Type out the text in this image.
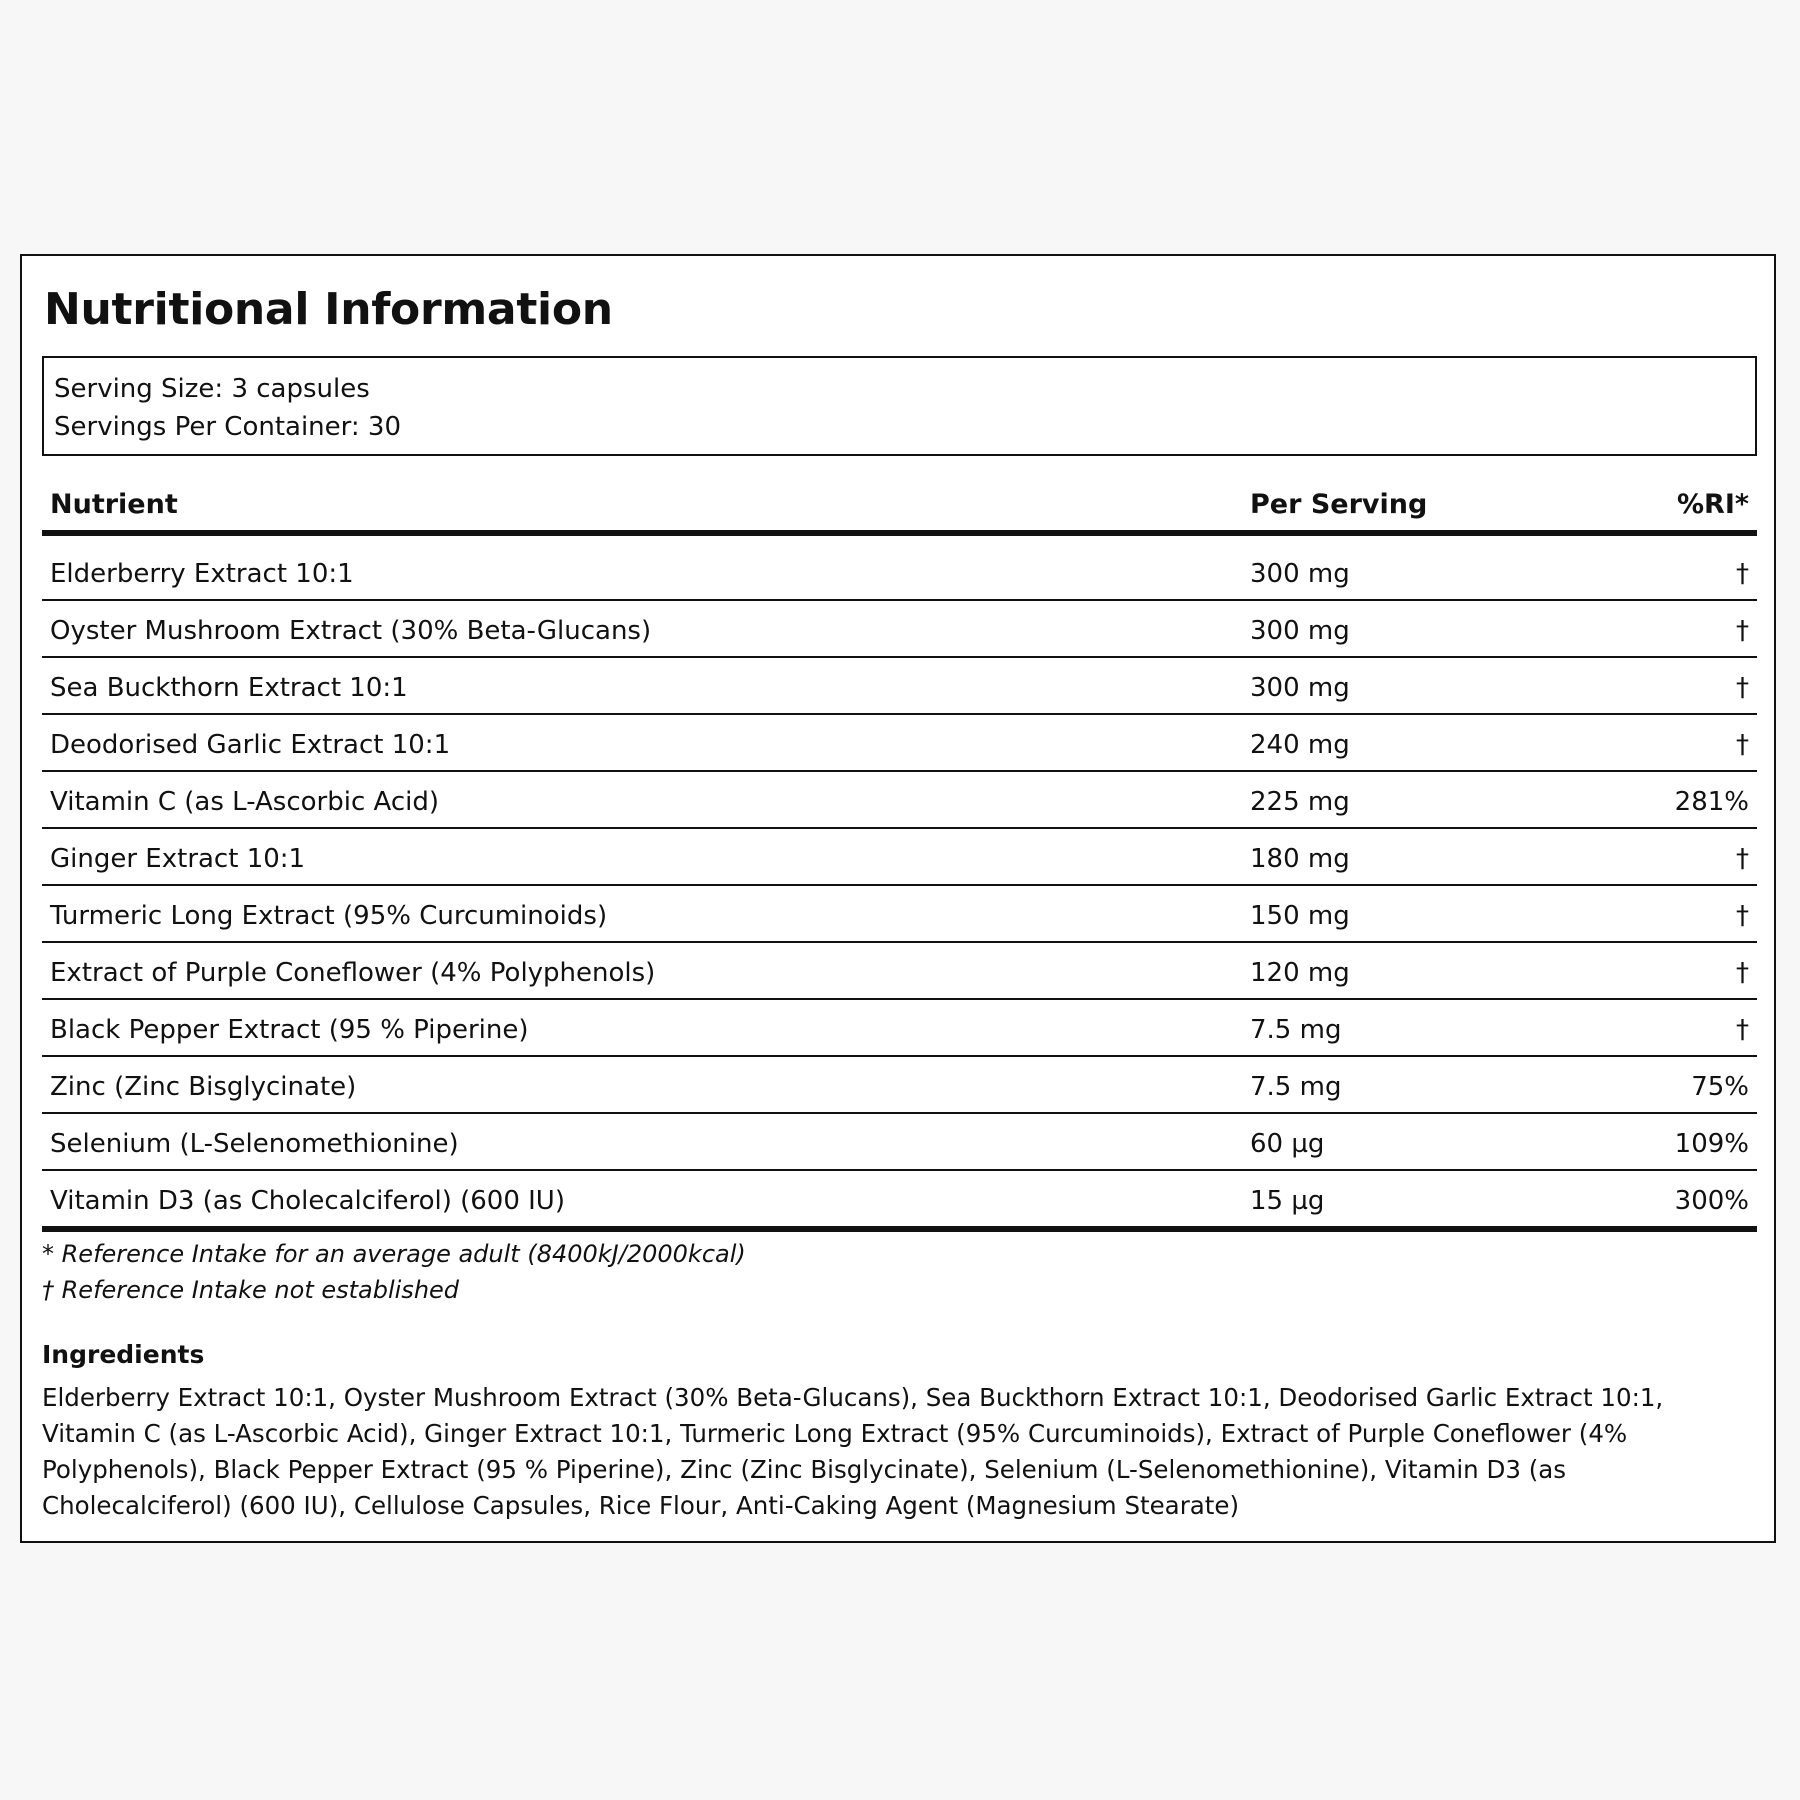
Nutritional Information
Serving Size: 3 capsules
Servings Per Container: 30
Nutrient	Per Serving	%RI*
Elderberry Extract 10:1	300 mg	†
Oyster Mushroom Extract (30% Beta-Glucans)	300 mg	†
Sea Buckthorn Extract 10:1	300 mg	†
Deodorised Garlic Extract 10:1	240 mg	†
Vitamin C (as L-Ascorbic Acid)	225 mg	281%
Ginger Extract 10:1	180 mg	†
Turmeric Long Extract (95% Curcuminoids)	150 mg	†
Extract of Purple Coneflower (4% Polyphenols)	120 mg	†
Black Pepper Extract (95 % Piperine)	7.5 mg	†
Zinc (Zinc Bisglycinate)	7.5 mg	75%
Selenium (L-Selenomethionine)	60 µg	109%
Vitamin D3 (as Cholecalciferol) (600 IU)	15 µg	300%
* Reference Intake for an average adult (8400kJ/2000kcal)
† Reference Intake not established
Ingredients
Elderberry Extract 10:1, Oyster Mushroom Extract (30% Beta-Glucans), Sea Buckthorn Extract 10:1, Deodorised Garlic Extract 10:1, Vitamin C (as L-Ascorbic Acid), Ginger Extract 10:1, Turmeric Long Extract (95% Curcuminoids), Extract of Purple Coneflower (4% Polyphenols), Black Pepper Extract (95 % Piperine), Zinc (Zinc Bisglycinate), Selenium (L-Selenomethionine), Vitamin D3 (as Cholecalciferol) (600 IU), Cellulose Capsules, Rice Flour, Anti-Caking Agent (Magnesium Stearate)
